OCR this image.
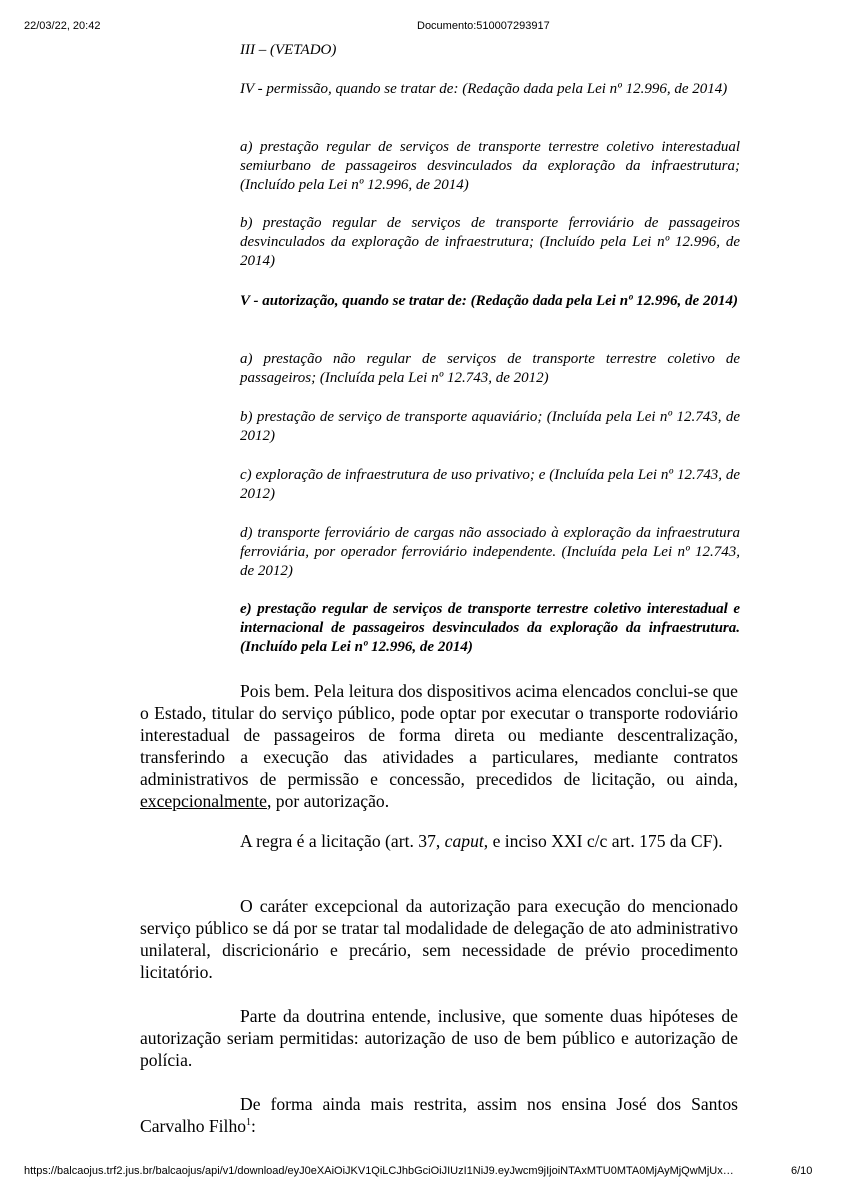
22/03/22, 20:42	Documento:510007293917

III – (VETADO)

IV - permissão, quando se tratar de: (Redação dada pela Lei nº 12.996, de 2014)

a) prestação regular de serviços de transporte terrestre coletivo interestadual semiurbano de passageiros desvinculados da exploração da infraestrutura; (Incluído pela Lei nº 12.996, de 2014)

b) prestação regular de serviços de transporte ferroviário de passageiros desvinculados da exploração de infraestrutura; (Incluído pela Lei nº 12.996, de 2014)

V - autorização, quando se tratar de: (Redação dada pela Lei nº 12.996, de 2014)

a) prestação não regular de serviços de transporte terrestre coletivo de passageiros; (Incluída pela Lei nº 12.743, de 2012)

b) prestação de serviço de transporte aquaviário; (Incluída pela Lei nº 12.743, de 2012)

c) exploração de infraestrutura de uso privativo; e (Incluída pela Lei nº 12.743, de 2012)

d) transporte ferroviário de cargas não associado à exploração da infraestrutura ferroviária, por operador ferroviário independente. (Incluída pela Lei nº 12.743, de 2012)

e) prestação regular de serviços de transporte terrestre coletivo interestadual e internacional de passageiros desvinculados da exploração da infraestrutura. (Incluído pela Lei nº 12.996, de 2014)

Pois bem. Pela leitura dos dispositivos acima elencados conclui-se que o Estado, titular do serviço público, pode optar por executar o transporte rodoviário interestadual de passageiros de forma direta ou mediante descentralização, transferindo a execução das atividades a particulares, mediante contratos administrativos de permissão e concessão, precedidos de licitação, ou ainda, excepcionalmente, por autorização.

A regra é a licitação (art. 37, caput, e inciso XXI c/c art. 175 da CF).

O caráter excepcional da autorização para execução do mencionado serviço público se dá por se tratar tal modalidade de delegação de ato administrativo unilateral, discricionário e precário, sem necessidade de prévio procedimento licitatório.

Parte da doutrina entende, inclusive, que somente duas hipóteses de autorização seriam permitidas: autorização de uso de bem público e autorização de polícia.

De forma ainda mais restrita, assim nos ensina José dos Santos Carvalho Filho$^1$:

https://balcaojus.trf2.jus.br/balcaojus/api/v1/download/eyJ0eXAiOiJKV1QiLCJhbGciOiJIUzI1NiJ9.eyJwcm9jIjoiNTAxMTU0MTA0MjAyMjQwMjUx…	6/10
